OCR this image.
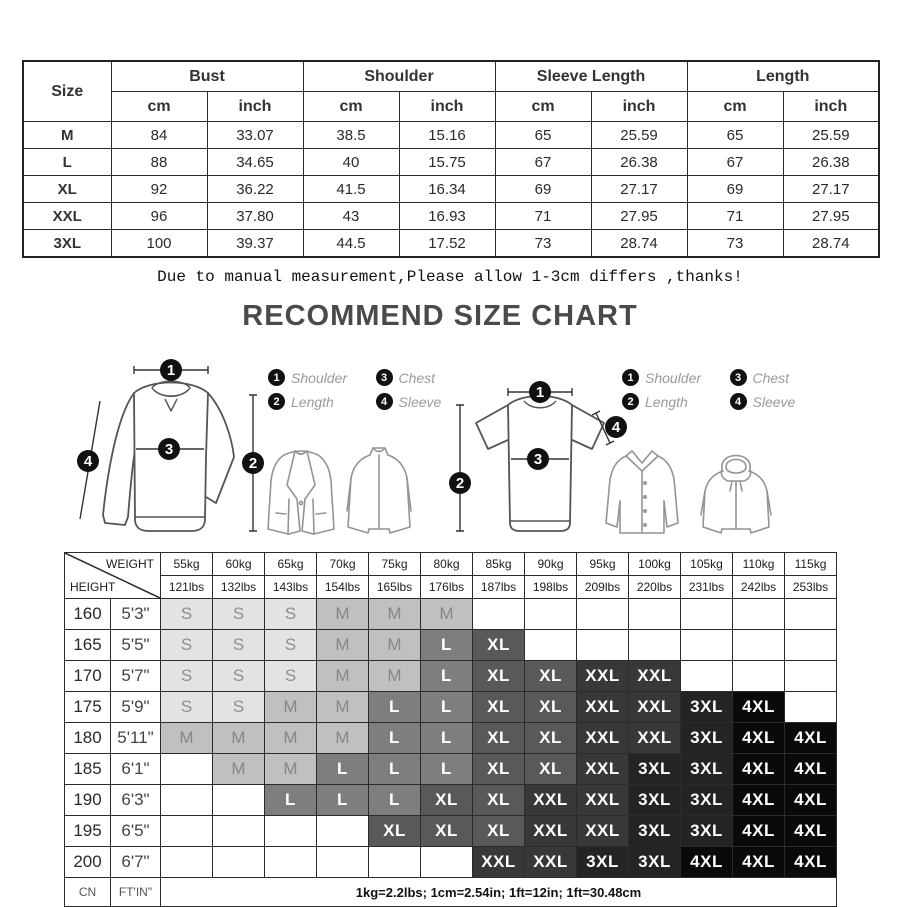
Size	Bust		Shoulder		Sleeve Length		Length	
	cm	inch	cm	inch	cm	inch	cm	inch
M	84	33.07	38.5	15.16	65	25.59	65	25.59
L	88	34.65	40	15.75	67	26.38	67	26.38
XL	92	36.22	41.5	16.34	69	27.17	69	27.17
XXL	96	37.80	43	16.93	71	27.95	71	27.95
3XL	100	39.37	44.5	17.52	73	28.74	73	28.74
Due to manual measurement,Please allow 1-3cm differs ,thanks!
RECOMMEND SIZE CHART
1
2
3
4
1 Shoulder	3 Chest
2 Length	4 Sleeve
1
2
3
4
1 Shoulder	3 Chest
2 Length	4 Sleeve
WEIGHT
HEIGHT		55kg	60kg	65kg	70kg	75kg	80kg	85kg	90kg	95kg	100kg	105kg	110kg	115kg
		121lbs	132lbs	143lbs	154lbs	165lbs	176lbs	187lbs	198lbs	209lbs	220lbs	231lbs	242lbs	253lbs
160	5'3"	S	S	S	M	M	M							
165	5'5"	S	S	S	M	M	L	XL						
170	5'7"	S	S	S	M	M	L	XL	XL	XXL	XXL			
175	5'9"	S	S	M	M	L	L	XL	XL	XXL	XXL	3XL	4XL	
180	5'11"	M	M	M	M	L	L	XL	XL	XXL	XXL	3XL	4XL	4XL
185	6'1"		M	M	L	L	L	XL	XL	XXL	3XL	3XL	4XL	4XL
190	6'3"			L	L	L	XL	XL	XXL	XXL	3XL	3XL	4XL	4XL
195	6'5"					XL	XL	XL	XXL	XXL	3XL	3XL	4XL	4XL
200	6'7"							XXL	XXL	3XL	3XL	4XL	4XL	4XL
CN	FT'IN"	1kg=2.2lbs; 1cm=2.54in; 1ft=12in; 1ft=30.48cm												
